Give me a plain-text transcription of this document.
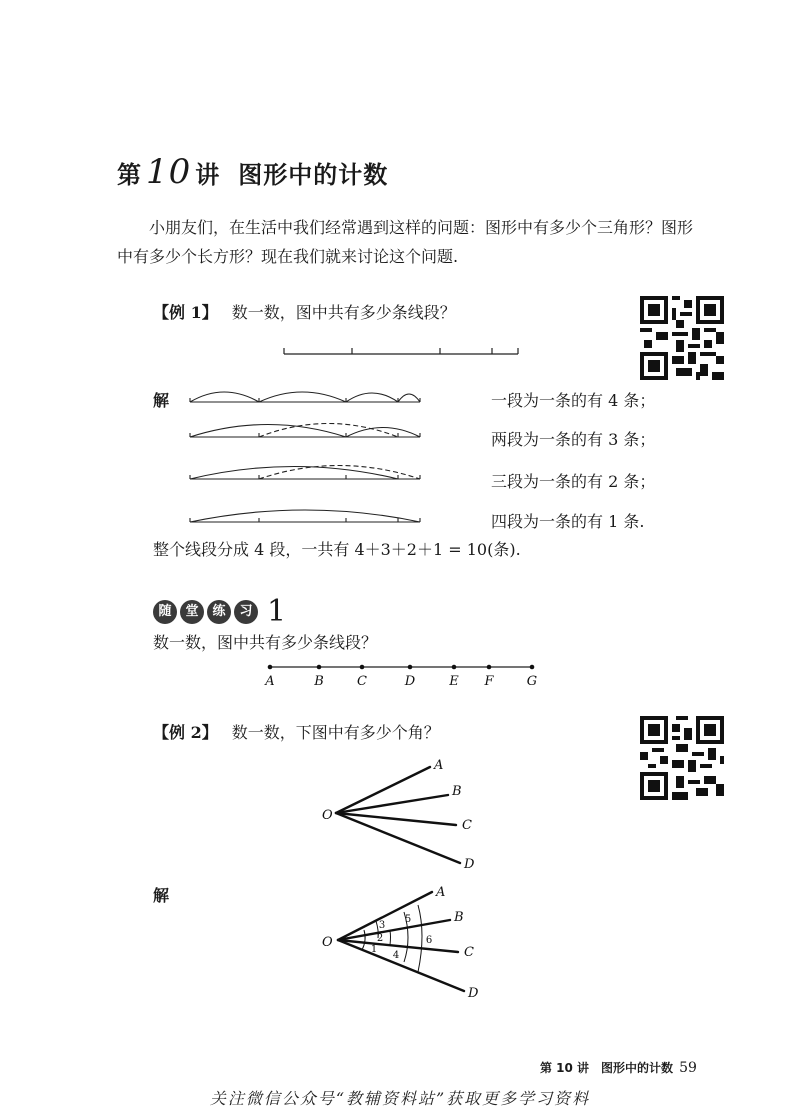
第 10 讲 图形中的计数
小朋友们，在生活中我们经常遇到这样的问题：图形中有多少个三角形？图形中有多少个长方形？现在我们就来讨论这个问题.
【例 1】 数一数，图中共有多少条线段？
解	一段为一条的有 4 条；
两段为一条的有 3 条；
三段为一条的有 2 条；
四段为一条的有 1 条.
整个线段分成 4 段，一共有 4＋3＋2＋1 = 10(条).
随 堂 练 习 1
数一数，图中共有多少条线段？
A	B	C	D	E F	G
【例 2】 数一数，下图中有多少个角？
O
A
B
C
D
解
3
2
1
4
5
6
O
A
B
C
D
第 10 讲　图形中的计数 59
关注微信公众号“教辅资料站”获取更多学习资料
